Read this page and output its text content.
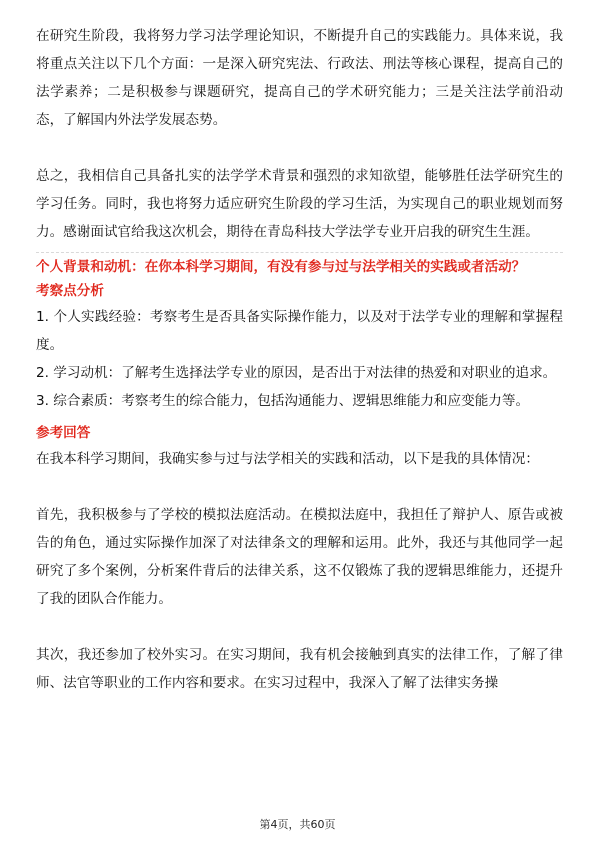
在研究生阶段，我将努力学习法学理论知识，不断提升自己的实践能力。具体来说，我将重点关注以下几个方面：一是深入研究宪法、行政法、刑法等核心课程，提高自己的法学素养；二是积极参与课题研究，提高自己的学术研究能力；三是关注法学前沿动态，了解国内外法学发展态势。

总之，我相信自己具备扎实的法学学术背景和强烈的求知欲望，能够胜任法学研究生的学习任务。同时，我也将努力适应研究生阶段的学习生活，为实现自己的职业规划而努力。感谢面试官给我这次机会，期待在青岛科技大学法学专业开启我的研究生生涯。

个人背景和动机：在你本科学习期间，有没有参与过与法学相关的实践或者活动？

考察点分析

1. 个人实践经验：考察考生是否具备实际操作能力，以及对于法学专业的理解和掌握程度。

2. 学习动机：了解考生选择法学专业的原因，是否出于对法律的热爱和对职业的追求。

3. 综合素质：考察考生的综合能力，包括沟通能力、逻辑思维能力和应变能力等。

参考回答

在我本科学习期间，我确实参与过与法学相关的实践和活动，以下是我的具体情况：

首先，我积极参与了学校的模拟法庭活动。在模拟法庭中，我担任了辩护人、原告或被告的角色，通过实际操作加深了对法律条文的理解和运用。此外，我还与其他同学一起研究了多个案例，分析案件背后的法律关系，这不仅锻炼了我的逻辑思维能力，还提升了我的团队合作能力。

其次，我还参加了校外实习。在实习期间，我有机会接触到真实的法律工作，了解了律师、法官等职业的工作内容和要求。在实习过程中，我深入了解了法律实务操

第4页，共60页
